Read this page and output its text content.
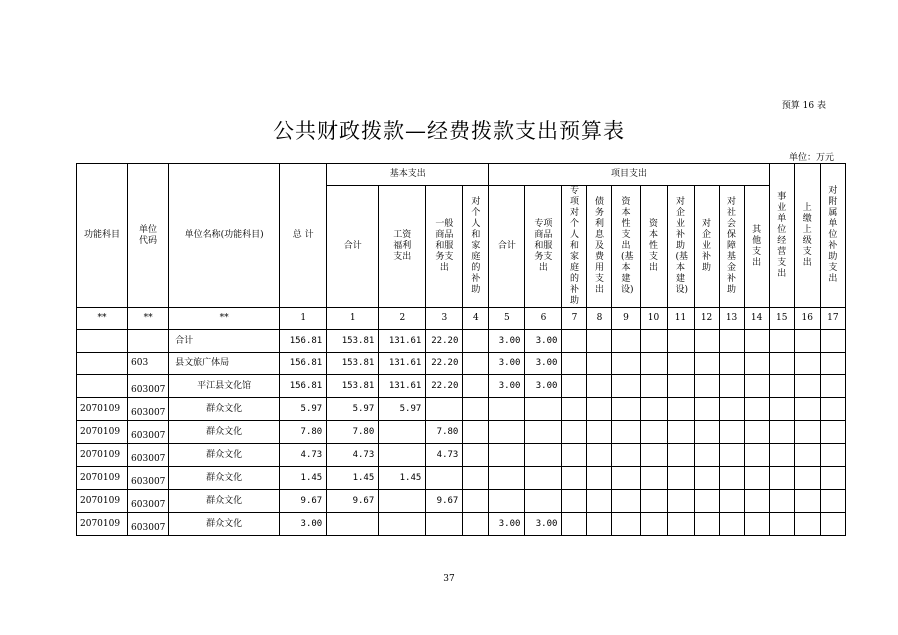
预算 16 表
公共财政拨款—经费拨款支出预算表
单位：万元
功能科目	单位代码	单位名称(功能科目)	总 计	基本支出				项目支出										事业单位经营支出	上缴上级支出	对附属单位补助支出
				合计	工资福利支出	一般商品和服务支出	对个人和家庭的补助	合计	专项商品和服务支出	专项对个人和家庭的补助	债务利息及费用支出	资本性支出(基本建设)	资本性支出	对企业补助(基本建设)	对企业补助	对社会保障基金补助	其他支出			
**	**	**	1	1	2	3	4	5	6	7	8	9	10	11	12	13	14	15	16	17
		合计	156.81	153.81	131.61	22.20		3.00	3.00											
	603	县文旅广体局	156.81	153.81	131.61	22.20		3.00	3.00											
	603007	平江县文化馆	156.81	153.81	131.61	22.20		3.00	3.00											
2070109	603007	群众文化	5.97	5.97	5.97															
2070109	603007	群众文化	7.80	7.80		7.80														
2070109	603007	群众文化	4.73	4.73		4.73														
2070109	603007	群众文化	1.45	1.45	1.45															
2070109	603007	群众文化	9.67	9.67		9.67														
2070109	603007	群众文化	3.00					3.00	3.00											
37
